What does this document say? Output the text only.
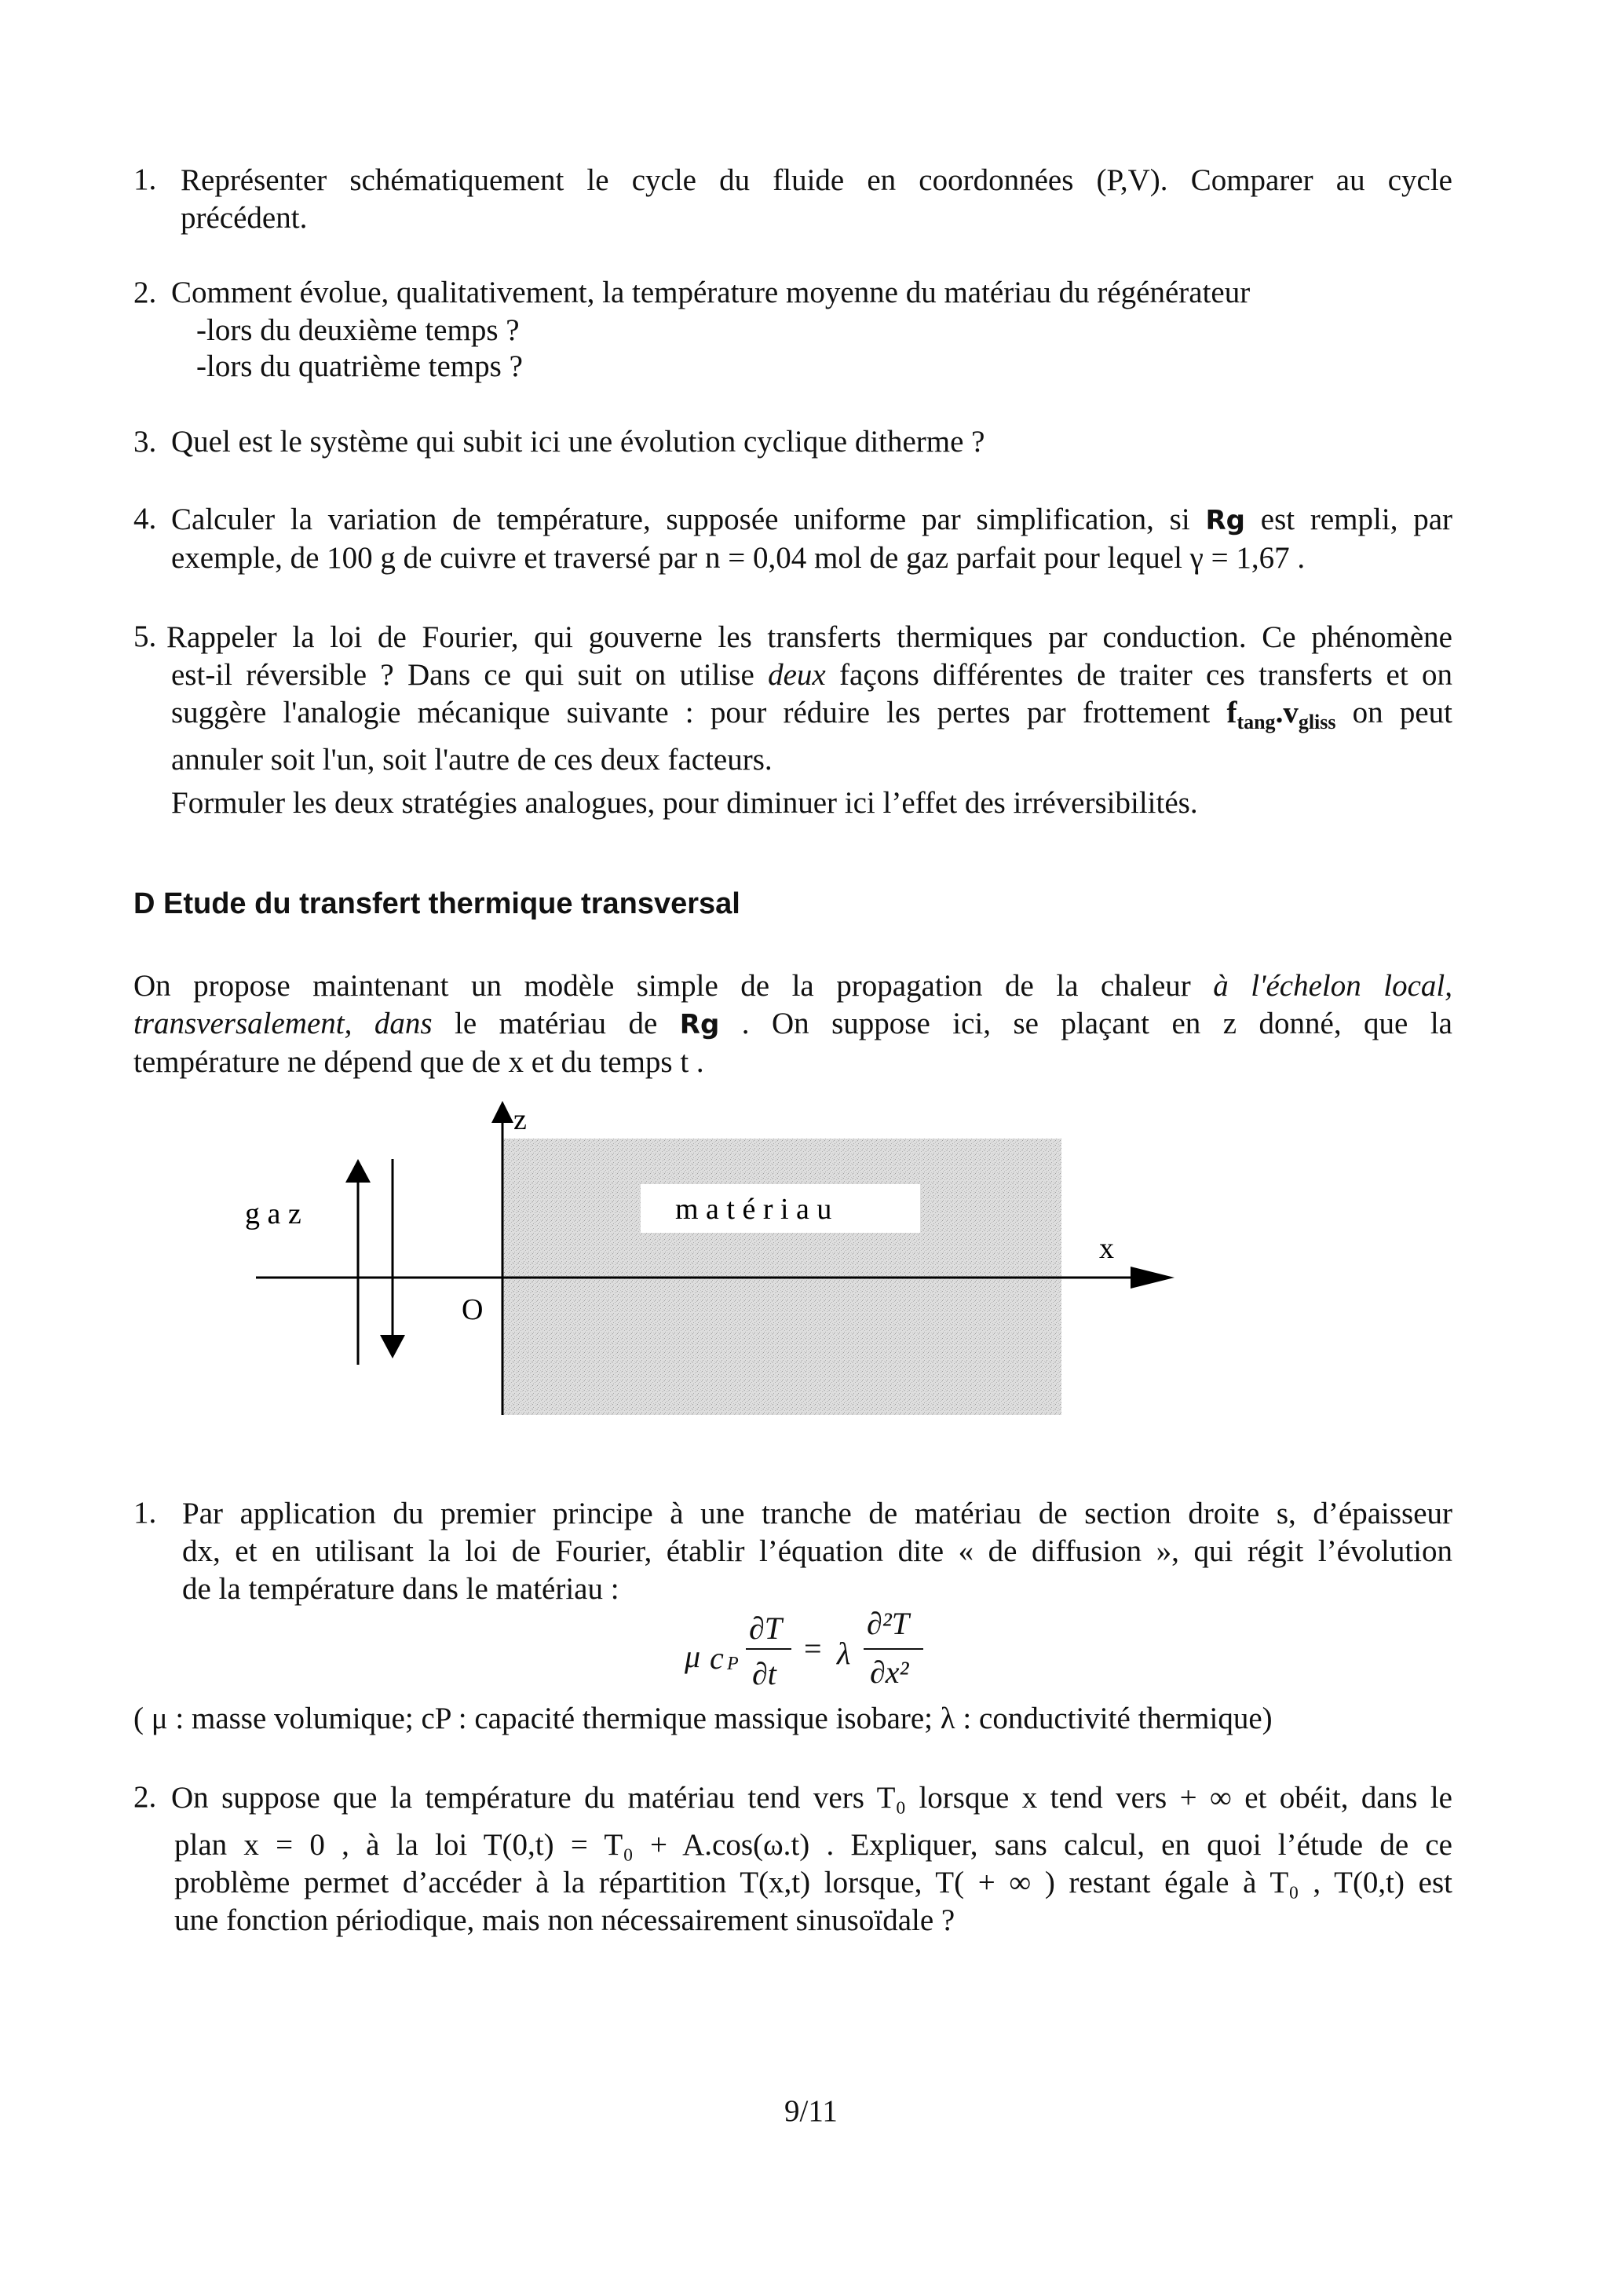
1. Représenter schématiquement le cycle du fluide en coordonnées (P,V). Comparer au cycle
précédent.
2. Comment évolue, qualitativement, la température moyenne du matériau du régénérateur
-lors du deuxième temps ?
-lors du quatrième temps ?
3. Quel est le système qui subit ici une évolution cyclique ditherme ?
4. Calculer la variation de température, supposée uniforme par simplification, si Rg est rempli, par
exemple, de 100 g de cuivre et traversé par n = 0,04 mol de gaz parfait pour lequel γ = 1,67 .
5. Rappeler la loi de Fourier, qui gouverne les transferts thermiques par conduction. Ce phénomène
est-il réversible ? Dans ce qui suit on utilise deux façons différentes de traiter ces transferts et on
suggère l'analogie mécanique suivante : pour réduire les pertes par frottement $f_{tang}.v_{gliss}$ on peut
annuler soit l'un, soit l'autre de ces deux facteurs.
Formuler les deux stratégies analogues, pour diminuer ici l’effet des irréversibilités.
D Etude du transfert thermique transversal
On propose maintenant un modèle simple de la propagation de la chaleur à l'échelon local,
transversalement, dans le matériau de Rg . On suppose ici, se plaçant en z donné, que la
température ne dépend que de x et du temps t .
g a z	m a t é r i a u
x
z
O
1. Par application du premier principe à une tranche de matériau de section droite s, d’épaisseur
dx, et en utilisant la loi de Fourier, établir l’équation dite « de diffusion », qui régit l’évolution
de la température dans le matériau :
μ c P
∂T
∂t
= λ
∂²T
∂x²
( μ : masse volumique; cP : capacité thermique massique isobare; λ : conductivité thermique)
2. On suppose que la température du matériau tend vers T₀ lorsque x tend vers + ∞ et obéit, dans le
plan x = 0 , à la loi T(0,t) = T₀ + A.cos(ω.t) . Expliquer, sans calcul, en quoi l’étude de ce
problème permet d’accéder à la répartition T(x,t) lorsque, T( + ∞ ) restant égale à T₀ , T(0,t) est
une fonction périodique, mais non nécessairement sinusoïdale ?
9/11
